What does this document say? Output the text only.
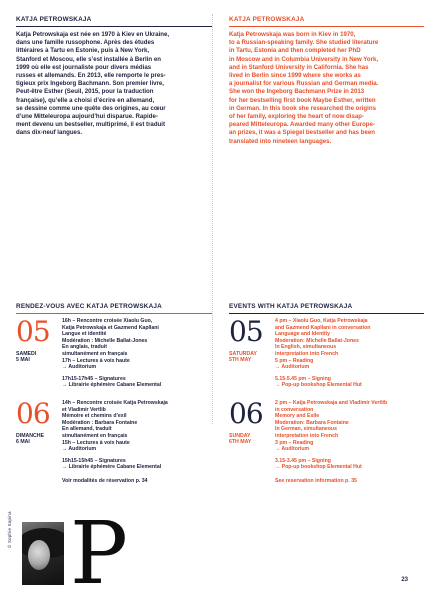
KATJA PETROWSKAJA
Katja Petrowskaja est née en 1970 à Kiev en Ukraine,
dans une famille russophone. Après des études
littéraires à Tartu en Estonie, puis à New York,
Stanford et Moscou, elle s’est installée à Berlin en
1999 où elle est journaliste pour divers médias
russes et allemands. En 2013, elle remporte le pres-
tigieux prix Ingeborg Bachmann. Son premier livre,
Peut-être Esther (Seuil, 2015, pour la traduction
française), qu’elle a choisi d’écrire en allemand,
se dessine comme une quête des origines, au cœur
d’une Mitteleuropa aujourd’hui disparue. Rapide-
ment devenu un bestseller, multiprimé, il est traduit
dans dix-neuf langues.
RENDEZ-VOUS AVEC KATJA PETROWSKAJA
05
SAMEDI
5 MAI

16h – Rencontre croisée Xiaolu Guo,
Katja Petrowskaja et Gazmend Kapllani
Langue et identité
Modération : Michelle Ballat-Jones
En anglais, traduit
simultanément en français
17h – Lectures à voix haute
→ Auditorium

17h15-17h45 – Signatures
→ Librairie éphémère Cabane Elemental

06
DIMANCHE
6 MAI

14h – Rencontre croisée Katja Petrowskaja
et Vladimir Vertlib
Mémoire et chemins d’exil
Modération : Barbara Fontaine
En allemand, traduit
simultanément en français
15h – Lectures à voix haute
→ Auditorium

15h15-15h45 – Signatures
→ Librairie éphémère Cabane Elemental

Voir modalités de réservation p. 34
KATJA PETROWSKAJA
Katja Petrowskaja was born in Kiev in 1970,
to a Russian-speaking family. She studied literature
in Tartu, Estonia and then completed her PhD
in Moscow and in Columbia University in New York,
and in Stanford University in California. She has
lived in Berlin since 1999 where she works as
a journalist for various Russian and German media.
She won the Ingeborg Bachmann Prize in 2013
for her bestselling first book Maybe Esther, written
in German. In this book she researched the origins
of her family, exploring the heart of now disap-
peared Mitteleuropa. Awarded many other Europe-
an prizes, it was a Spiegel bestseller and has been
translated into nineteen languages.
EVENTS WITH KATJA PETROWSKAJA
05
SATURDAY
5TH MAY

4 pm – Xiaolu Guo, Katja Petrowskaja
and Gazmend Kapllani in conversation
Language and Identity
Moderation: Michelle Ballat-Jones
In English, simultaneous
interpretation into French
5 pm – Reading
→ Auditorium

5.15-5.45 pm – Signing
→ Pop-up bookshop Elemental Hut

06
SUNDAY
6TH MAY

2 pm – Katja Petrowskaja and Vladimir Vertlib
in conversation
Memory and Exile
Moderation: Barbara Fontaine
In German, simultaneous
interpretation into French
3 pm – Reading
→ Auditorium

3.15-3.45 pm – Signing
→ Pop-up bookshop Elemental Hut

See reservation information p. 35
© Sophie Sapina P	23
